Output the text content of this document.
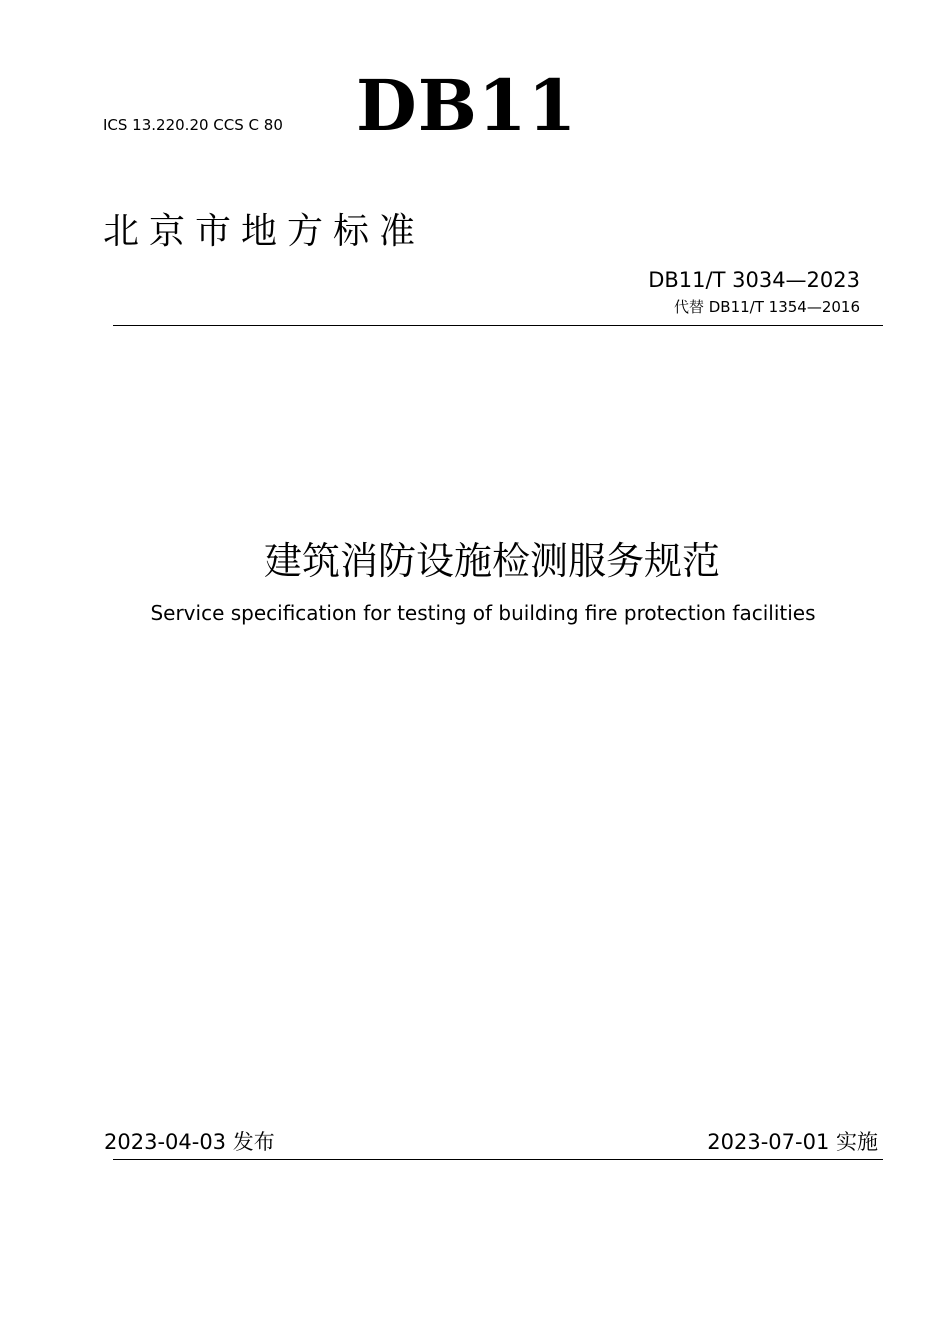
ICS 13.220.20 CCS C 80 DB11
北京市地方标准
DB11/T 3034—2023
代替 DB11/T 1354—2016
建筑消防设施检测服务规范
Service specification for testing of building fire protection facilities
2023-04-03 发布	2023-07-01 实施
